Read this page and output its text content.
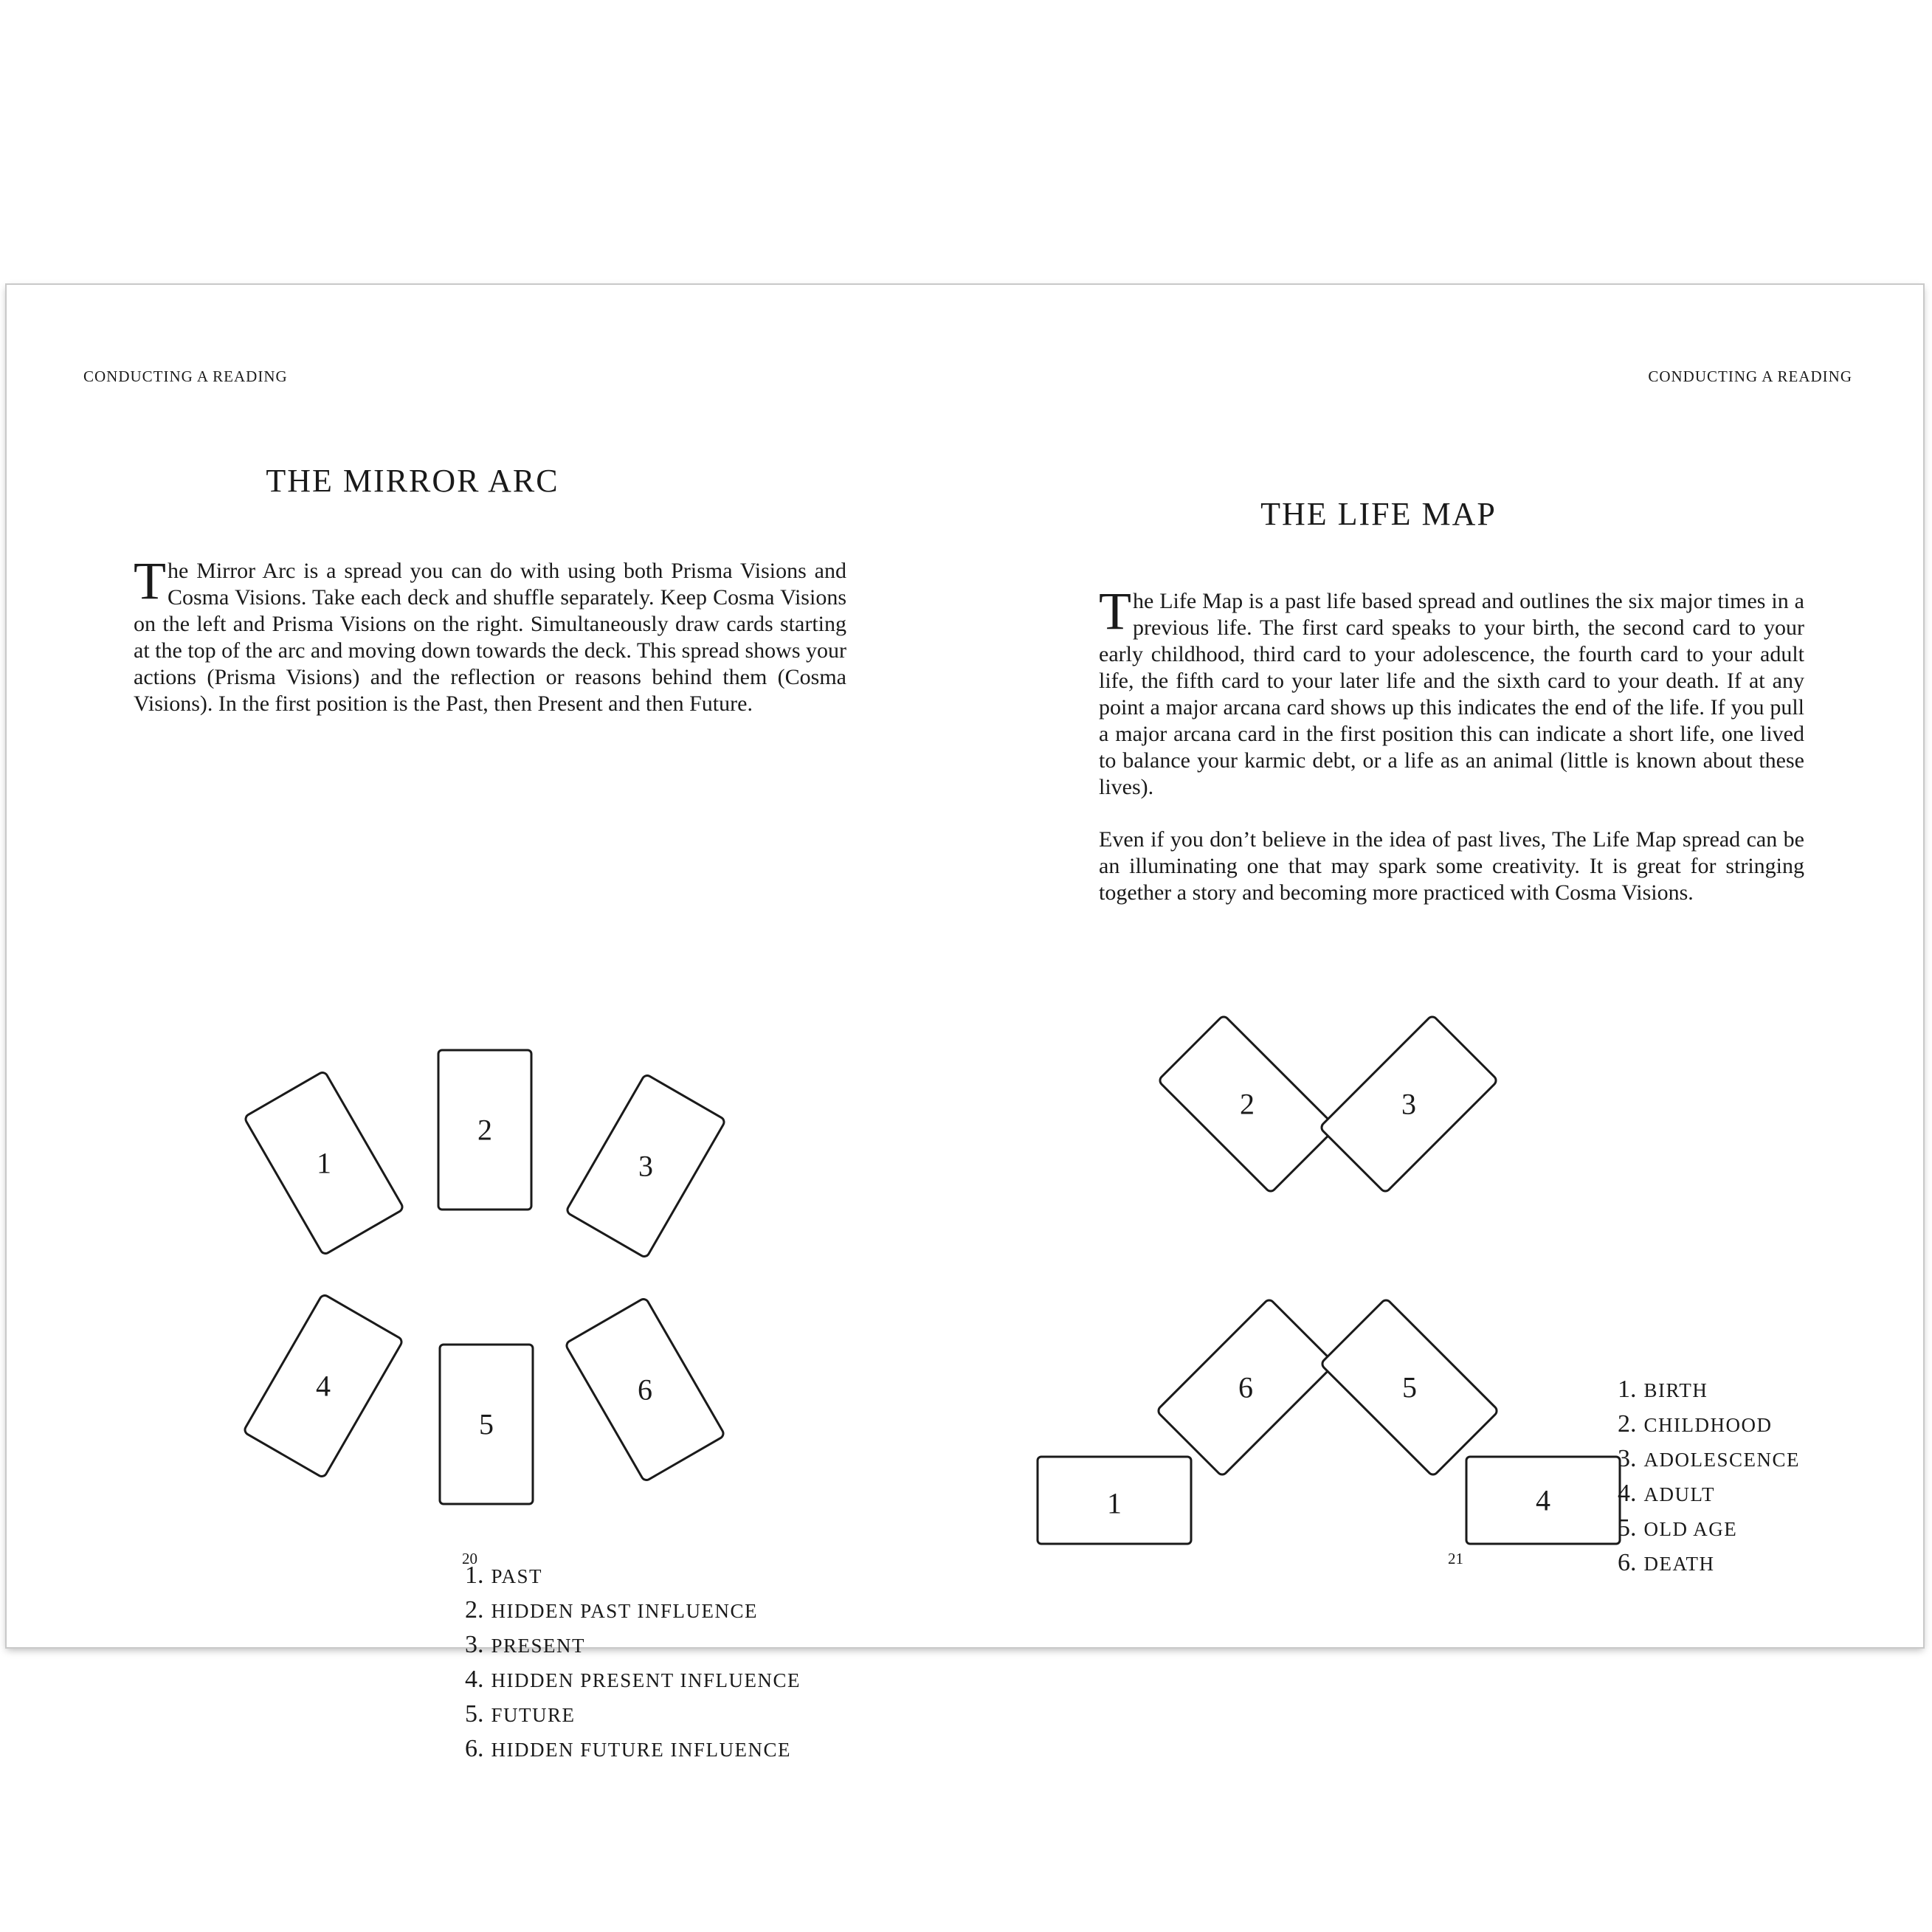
CONDUCTING A READING
THE MIRROR ARC
The Mirror Arc is a spread you can do with using both Prisma Visions and Cosma Visions. Take each deck and shuffle separately. Keep Cosma Visions on the left and Prisma Visions on the right. Simultaneously draw cards starting at the top of the arc and moving down towards the deck. This spread shows your actions (Prisma Visions) and the reflection or reasons behind them (Cosma Visions). In the first position is the Past, then Present and then Future.
1
2
3
4
5
6
1. PAST
2. HIDDEN PAST INFLUENCE
3. PRESENT
4. HIDDEN PRESENT INFLUENCE
5. FUTURE
6. HIDDEN FUTURE INFLUENCE
20
CONDUCTING A READING
THE LIFE MAP
The Life Map is a past life based spread and outlines the six major times in a previous life. The first card speaks to your birth, the second card to your early childhood, third card to your adolescence, the fourth card to your adult life, the fifth card to your later life and the sixth card to your death. If at any point a major arcana card shows up this indicates the end of the life. If you pull a major arcana card in the first position this can indicate a short life, one lived to balance your karmic debt, or a life as an animal (little is known about these lives).
Even if you don’t believe in the idea of past lives, The Life Map spread can be an illuminating one that may spark some creativity. It is great for stringing together a story and becoming more practiced with Cosma Visions.
2	3
6	5
1	4
1. BIRTH
2. CHILDHOOD
3. ADOLESCENCE
4. ADULT
5. OLD AGE
6. DEATH
21
